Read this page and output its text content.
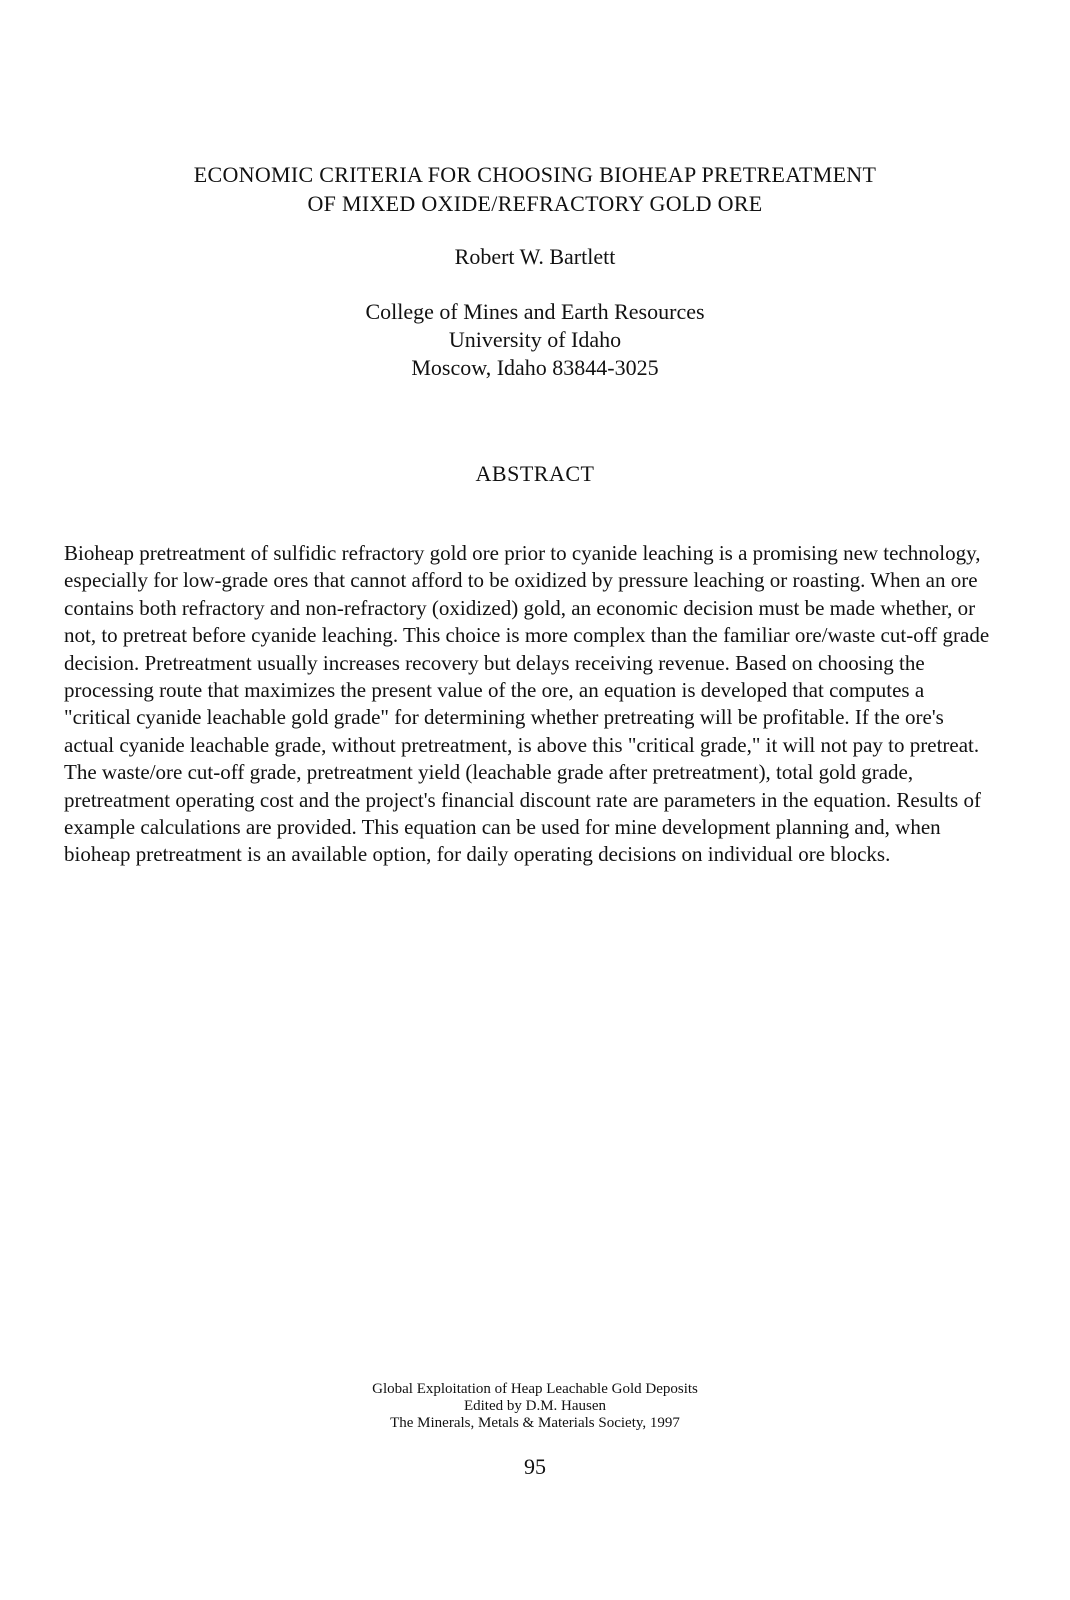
ECONOMIC CRITERIA FOR CHOOSING BIOHEAP PRETREATMENT
OF MIXED OXIDE/REFRACTORY GOLD ORE
Robert W. Bartlett
College of Mines and Earth Resources
University of Idaho
Moscow, Idaho 83844-3025
ABSTRACT

Bioheap pretreatment of sulfidic refractory gold ore prior to cyanide leaching is a promising new technology, especially for low-grade ores that cannot afford to be oxidized by pressure leaching or roasting. When an ore contains both refractory and non-refractory (oxidized) gold, an economic decision must be made whether, or not, to pretreat before cyanide leaching. This choice is more complex than the familiar ore/waste cut-off grade decision. Pretreatment usually increases recovery but delays receiving revenue. Based on choosing the processing route that maximizes the present value of the ore, an equation is developed that computes a "critical cyanide leachable gold grade" for determining whether pretreating will be profitable. If the ore's actual cyanide leachable grade, without pretreatment, is above this "critical grade," it will not pay to pretreat. The waste/ore cut-off grade, pretreatment yield (leachable grade after pretreatment), total gold grade, pretreatment operating cost and the project's financial discount rate are parameters in the equation. Results of example calculations are provided. This equation can be used for mine development planning and, when bioheap pretreatment is an available option, for daily operating decisions on individual ore blocks.

Global Exploitation of Heap Leachable Gold Deposits
Edited by D.M. Hausen
The Minerals, Metals & Materials Society, 1997
95
